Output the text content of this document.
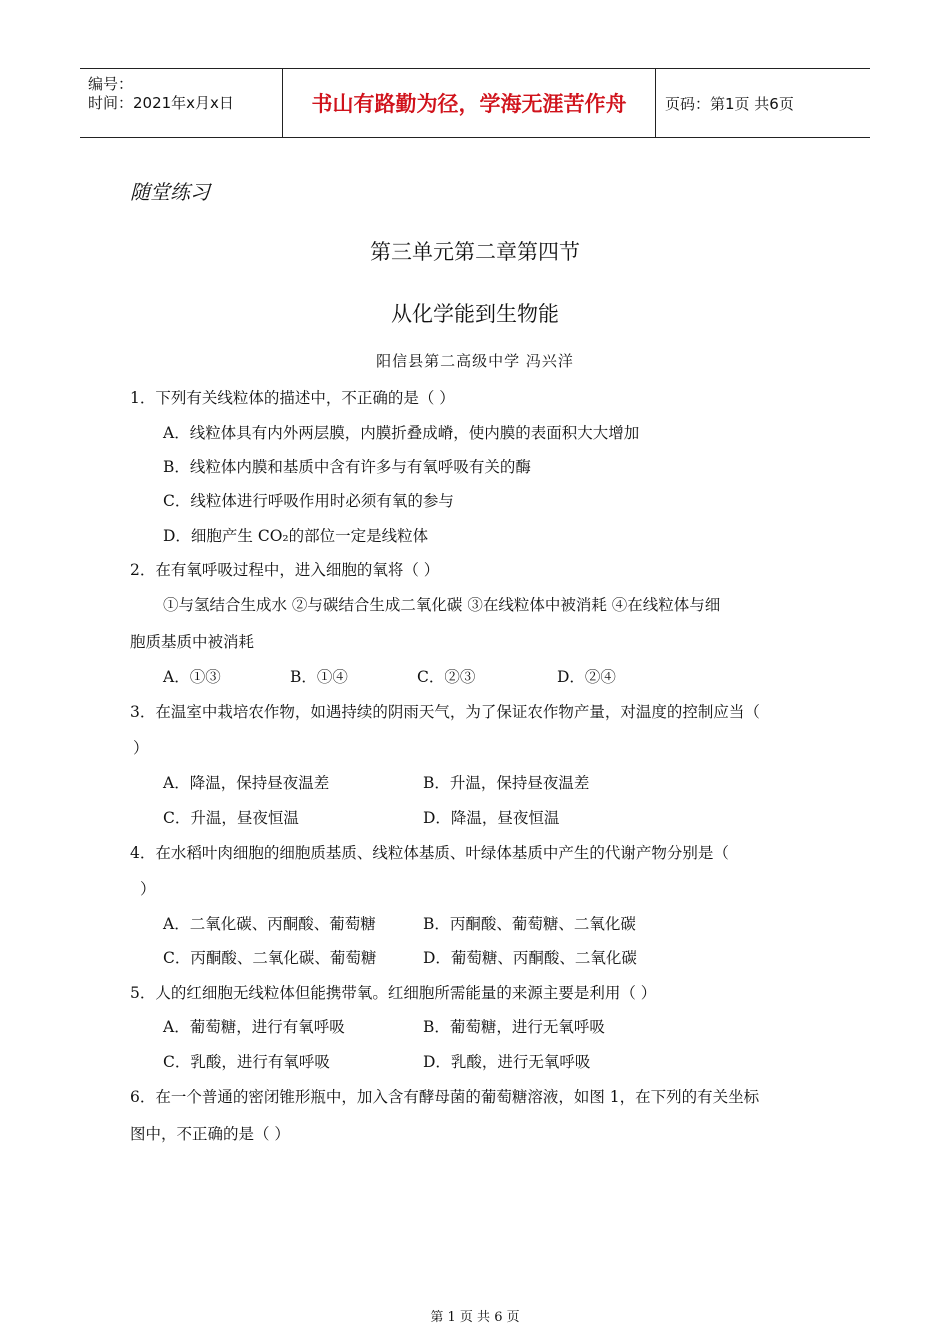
编号：
时间：2021年x月x日	书山有路勤为径，学海无涯苦作舟	页码：第1页 共6页
随堂练习
第三单元第二章第四节
从化学能到生物能
阳信县第二高级中学 冯兴洋
1．下列有关线粒体的描述中，不正确的是（ ）
A．线粒体具有内外两层膜，内膜折叠成嵴，使内膜的表面积大大增加
B．线粒体内膜和基质中含有许多与有氧呼吸有关的酶
C．线粒体进行呼吸作用时必须有氧的参与
D．细胞产生 CO₂的部位一定是线粒体
2．在有氧呼吸过程中，进入细胞的氧将（ ）
①与氢结合生成水 ②与碳结合生成二氧化碳 ③在线粒体中被消耗 ④在线粒体与细
胞质基质中被消耗
A．①③	B．①④	C．②③	D．②④
3．在温室中栽培农作物，如遇持续的阴雨天气，为了保证农作物产量，对温度的控制应当（
）
A．降温，保持昼夜温差	B．升温，保持昼夜温差
C．升温，昼夜恒温	D．降温，昼夜恒温
4．在水稻叶肉细胞的细胞质基质、线粒体基质、叶绿体基质中产生的代谢产物分别是（
）
A．二氧化碳、丙酮酸、葡萄糖	B．丙酮酸、葡萄糖、二氧化碳
C．丙酮酸、二氧化碳、葡萄糖	D．葡萄糖、丙酮酸、二氧化碳
5．人的红细胞无线粒体但能携带氧。红细胞所需能量的来源主要是利用（ ）
A．葡萄糖，进行有氧呼吸	B．葡萄糖，进行无氧呼吸
C．乳酸，进行有氧呼吸	D．乳酸，进行无氧呼吸
6．在一个普通的密闭锥形瓶中，加入含有酵母菌的葡萄糖溶液，如图 1，在下列的有关坐标
图中，不正确的是（ ）
第 1 页 共 6 页
